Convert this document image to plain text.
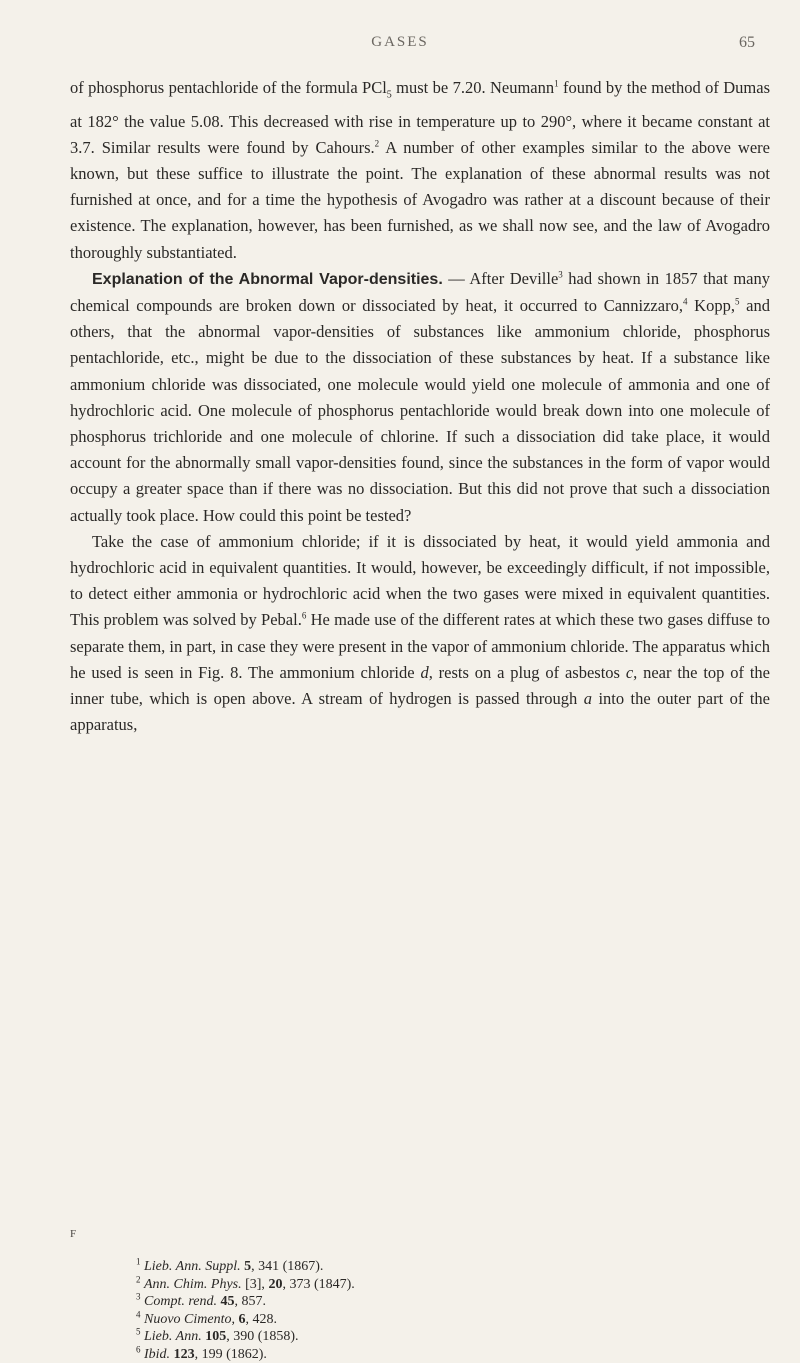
GASES	65

of phosphorus pentachloride of the formula PCl$_5$ must be 7.20. Neumann$^1$ found by the method of Dumas at 182° the value 5.08. This decreased with rise in temperature up to 290°, where it became constant at 3.7. Similar results were found by Cahours.$^2$ A number of other examples similar to the above were known, but these suffice to illustrate the point. The explanation of these abnormal results was not furnished at once, and for a time the hypothesis of Avogadro was rather at a discount because of their existence. The explanation, however, has been furnished, as we shall now see, and the law of Avogadro thoroughly substantiated.

Explanation of the Abnormal Vapor-densities. — After Deville$^3$ had shown in 1857 that many chemical compounds are broken down or dissociated by heat, it occurred to Cannizzaro,$^4$ Kopp,$^5$ and others, that the abnormal vapor-densities of substances like ammonium chloride, phosphorus pentachloride, etc., might be due to the dissociation of these substances by heat. If a substance like ammonium chloride was dissociated, one molecule would yield one molecule of ammonia and one of hydrochloric acid. One molecule of phosphorus pentachloride would break down into one molecule of phosphorus trichloride and one molecule of chlorine. If such a dissociation did take place, it would account for the abnormally small vapor-densities found, since the substances in the form of vapor would occupy a greater space than if there was no dissociation. But this did not prove that such a dissociation actually took place. How could this point be tested?

Take the case of ammonium chloride; if it is dissociated by heat, it would yield ammonia and hydrochloric acid in equivalent quantities. It would, however, be exceedingly difficult, if not impossible, to detect either ammonia or hydrochloric acid when the two gases were mixed in equivalent quantities. This problem was solved by Pebal.$^6$ He made use of the different rates at which these two gases diffuse to separate them, in part, in case they were present in the vapor of ammonium chloride. The apparatus which he used is seen in Fig. 8. The ammonium chloride d, rests on a plug of asbestos c, near the top of the inner tube, which is open above. A stream of hydrogen is passed through a into the outer part of the apparatus,

$^1$ Lieb. Ann. Suppl. 5, 341 (1867).
$^2$ Ann. Chim. Phys. [3], 20, 373 (1847).
$^3$ Compt. rend. 45, 857.
$^4$ Nuovo Cimento, 6, 428.
$^5$ Lieb. Ann. 105, 390 (1858).
$^6$ Ibid. 123, 199 (1862).
F
